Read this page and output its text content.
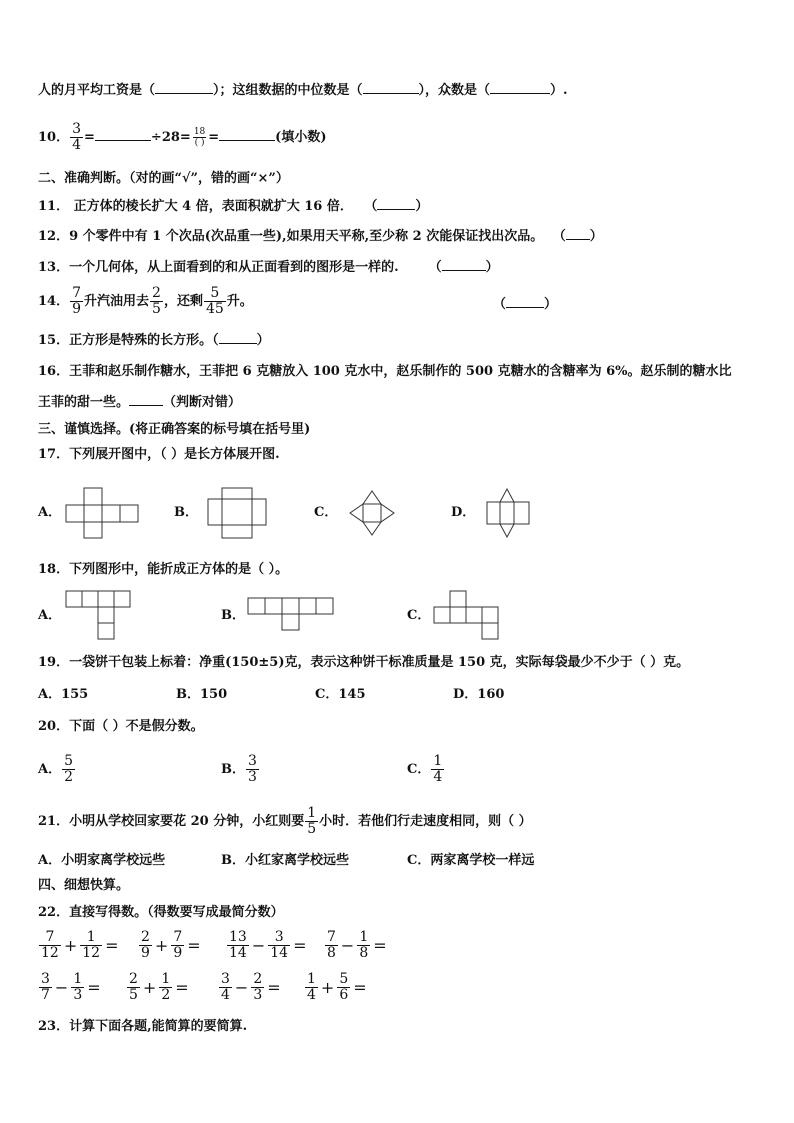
人的月平均工资是（	）；这组数据的中位数是（	），众数是（	）.
10． $\frac{3}{4}$ =	$\div 28= \frac{18}{( )}$ =	(填小数)
二、准确判断。（对的画“√”，错的画“×”）
11． 正方体的棱长扩大 4 倍，表面积就扩大 16 倍． （	）
12．9 个零件中有 1 个次品(次品重一些),如果用天平称,至少称 2 次能保证找出次品。 （ ）
13．一个几何体，从上面看到的和从正面看到的图形是一样的. （	）
14． $\frac{7}{9}$ 升汽油用去 $\frac{2}{5}$ ，还剩 $\frac{5}{45}$ 升。	（	）
15．正方形是特殊的长方形。（	）
16．王菲和赵乐制作糖水，王菲把 6 克糖放入 100 克水中，赵乐制作的 500 克糖水的含糖率为 6%。赵乐制的糖水比
王菲的甜一些。	（判断对错）
三、谨慎选择。(将正确答案的标号填在括号里)
17．下列展开图中，（ ）是长方体展开图.
A．	B．	C．	D．
18．下列图形中，能折成正方体的是（ ）。
A．	B．	C．
19．一袋饼干包装上标着：净重(150±5)克，表示这种饼干标准质量是 150 克，实际每袋最少不少于（ ）克。
A．155	B．150	C．145	D．160
20．下面（ ）不是假分数。
A． $\frac{5}{2}$	B． $\frac{3}{3}$	C． $\frac{1}{4}$
21．小明从学校回家要花 20 分钟，小红则要 $\frac{1}{5}$ 小时．若他们行走速度相同，则（ ）
A．小明家离学校远些	B．小红家离学校远些	C．两家离学校一样远
四、细想快算。
22．直接写得数。（得数要写成最简分数）
$\frac{7}{12} + \frac{1}{12} = \frac{2}{9} + \frac{7}{9} = \frac{13}{14} - \frac{3}{14} = \frac{7}{8} - \frac{1}{8}$ =
$\frac{3}{7} - \frac{1}{3} = \frac{2}{5} + \frac{1}{2} = \frac{3}{4} - \frac{2}{3} = \frac{1}{4} + \frac{5}{6}$ =
23．计算下面各题,能简算的要简算.
